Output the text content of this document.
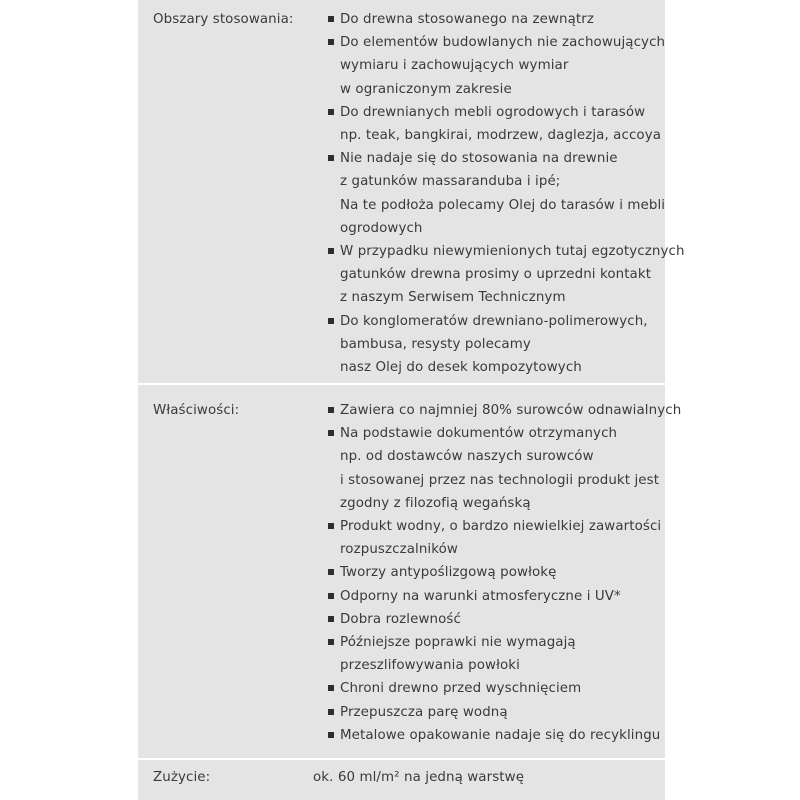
Obszary stosowania:	Do drewna stosowanego na zewnątrz
Do elementów budowlanych nie zachowujących
wymiaru i zachowujących wymiar
w ograniczonym zakresie
Do drewnianych mebli ogrodowych i tarasów
np. teak, bangkirai, modrzew, daglezja, accoya
Nie nadaje się do stosowania na drewnie
z gatunków massaranduba i ipé;
Na te podłoża polecamy Olej do tarasów i mebli
ogrodowych
W przypadku niewymienionych tutaj egzotycznych
gatunków drewna prosimy o uprzedni kontakt
z naszym Serwisem Technicznym
Do konglomeratów drewniano-polimerowych,
bambusa, resysty polecamy
nasz Olej do desek kompozytowych
Właściwości:	Zawiera co najmniej 80% surowców odnawialnych
Na podstawie dokumentów otrzymanych
np. od dostawców naszych surowców
i stosowanej przez nas technologii produkt jest
zgodny z filozofią wegańską
Produkt wodny, o bardzo niewielkiej zawartości
rozpuszczalników
Tworzy antypoślizgową powłokę
Odporny na warunki atmosferyczne i UV*
Dobra rozlewność
Późniejsze poprawki nie wymagają
przeszlifowywania powłoki
Chroni drewno przed wyschnięciem
Przepuszcza parę wodną
Metalowe opakowanie nadaje się do recyklingu
Zużycie:	ok. 60 ml/m² na jedną warstwę
